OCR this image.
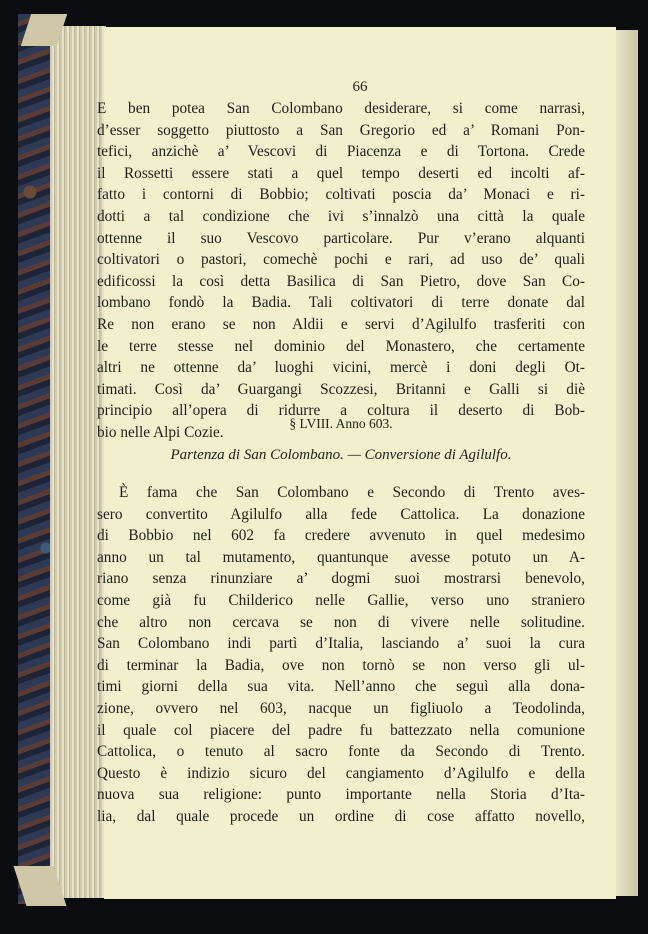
66

E ben potea San Colombano desiderare, si come narrasi,
d’esser soggetto piuttosto a San Gregorio ed a’ Romani Pon-
tefici, anzichè a’ Vescovi di Piacenza e di Tortona. Crede
il Rossetti essere stati a quel tempo deserti ed incolti af-
fatto i contorni di Bobbio; coltivati poscia da’ Monaci e ri-
dotti a tal condizione che ivi s’innalzò una città la quale
ottenne il suo Vescovo particolare. Pur v’erano alquanti
coltivatori o pastori, comechè pochi e rari, ad uso de’ quali
edificossi la così detta Basilica di San Pietro, dove San Co-
lombano fondò la Badia. Tali coltivatori di terre donate dal
Re non erano se non Aldii e servi d’Agilulfo trasferiti con
le terre stesse nel dominio del Monastero, che certamente
altri ne ottenne da’ luoghi vicini, mercè i doni degli Ot-
timati. Così da’ Guargangi Scozzesi, Britanni e Galli si diè
principio all’opera di ridurre a coltura il deserto di Bob-
bio nelle Alpi Cozie.

§ LVIII. Anno 603.

Partenza di San Colombano. — Conversione di Agilulfo.

È fama che San Colombano e Secondo di Trento aves-
sero convertito Agilulfo alla fede Cattolica. La donazione
di Bobbio nel 602 fa credere avvenuto in quel medesimo
anno un tal mutamento, quantunque avesse potuto un A-
riano senza rinunziare a’ dogmi suoi mostrarsi benevolo,
come già fu Childerico nelle Gallie, verso uno straniero
che altro non cercava se non di vivere nelle solitudine.
San Colombano indi partì d’Italia, lasciando a’ suoi la cura
di terminar la Badia, ove non tornò se non verso gli ul-
timi giorni della sua vita. Nell’anno che seguì alla dona-
zione, ovvero nel 603, nacque un figliuolo a Teodolinda,
il quale col piacere del padre fu battezzato nella comunione
Cattolica, o tenuto al sacro fonte da Secondo di Trento.
Questo è indizio sicuro del cangiamento d’Agilulfo e della
nuova sua religione: punto importante nella Storia d’Ita-
lia, dal quale procede un ordine di cose affatto novello,
